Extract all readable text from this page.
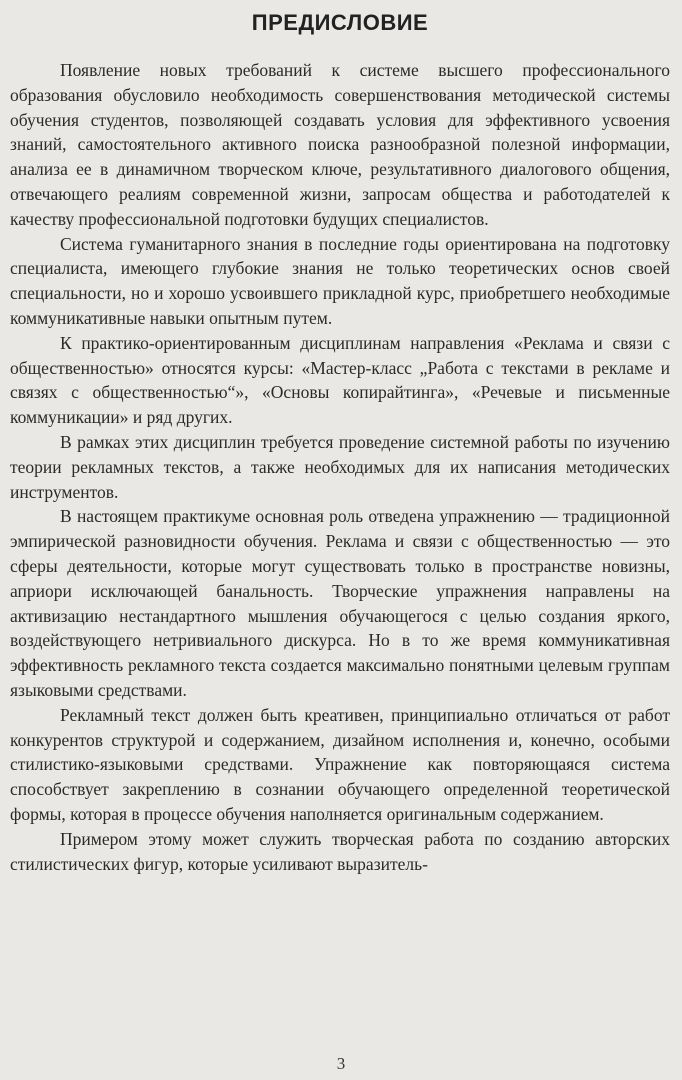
ПРЕДИСЛОВИЕ

Появление новых требований к системе высшего профессионального образования обусловило необходимость совершенствования методической системы обучения студентов, позволяющей создавать условия для эффективного усвоения знаний, самостоятельного активного поиска разнообразной полезной информации, анализа ее в динамичном творческом ключе, результативного диалогового общения, отвечающего реалиям современной жизни, запросам общества и работодателей к качеству профессиональной подготовки будущих специалистов.

Система гуманитарного знания в последние годы ориентирована на подготовку специалиста, имеющего глубокие знания не только теоретических основ своей специальности, но и хорошо усвоившего прикладной курс, приобретшего необходимые коммуникативные навыки опытным путем.

К практико-ориентированным дисциплинам направления «Реклама и связи с общественностью» относятся курсы: «Мастер-класс „Работа с текстами в рекламе и связях с общественностью“», «Основы копирайтинга», «Речевые и письменные коммуникации» и ряд других.

В рамках этих дисциплин требуется проведение системной работы по изучению теории рекламных текстов, а также необходимых для их написания методических инструментов.

В настоящем практикуме основная роль отведена упражнению — традиционной эмпирической разновидности обучения. Реклама и связи с общественностью — это сферы деятельности, которые могут существовать только в пространстве новизны, априори исключающей банальность. Творческие упражнения направлены на активизацию нестандартного мышления обучающегося с целью создания яркого, воздействующего нетривиального дискурса. Но в то же время коммуникативная эффективность рекламного текста создается максимально понятными целевым группам языковыми средствами.

Рекламный текст должен быть креативен, принципиально отличаться от работ конкурентов структурой и содержанием, дизайном исполнения и, конечно, особыми стилистико-языковыми средствами. Упражнение как повторяющаяся система способствует закреплению в сознании обучающего определенной теоретической формы, которая в процессе обучения наполняется оригинальным содержанием.

Примером этому может служить творческая работа по созданию авторских стилистических фигур, которые усиливают выразитель-

3
